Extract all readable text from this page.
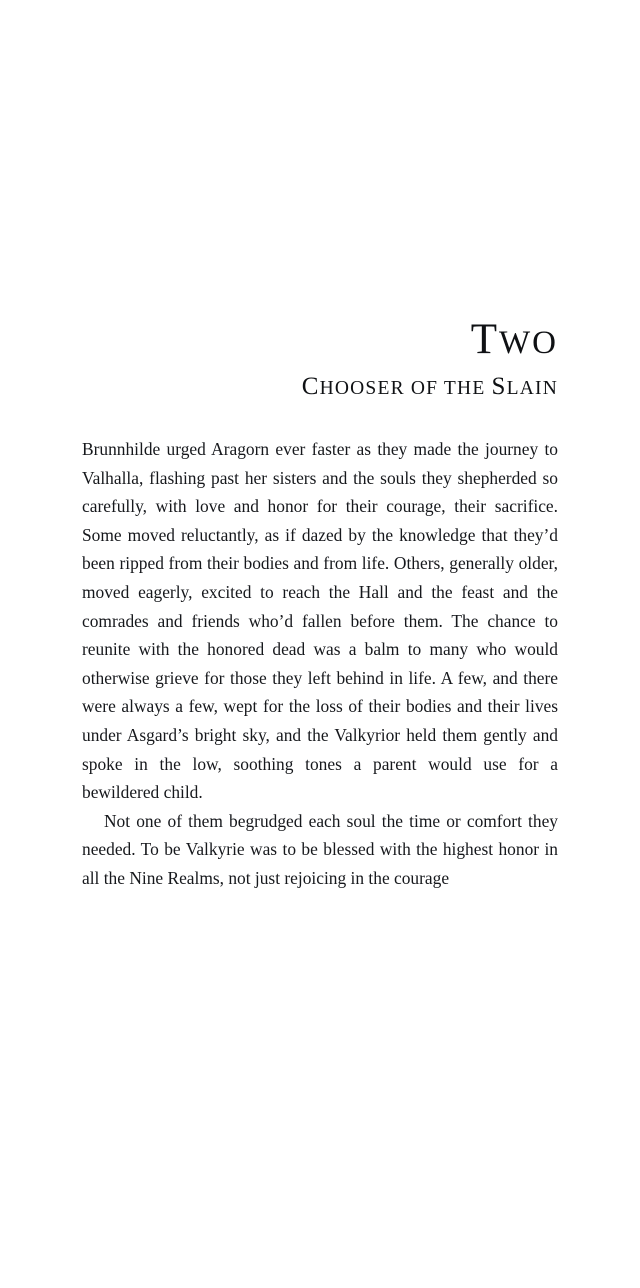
TWO
CHOOSER OF THE SLAIN

Brunnhilde urged Aragorn ever faster as they made the journey to Valhalla, flashing past her sisters and the souls they shepherded so carefully, with love and honor for their courage, their sacrifice. Some moved reluctantly, as if dazed by the knowledge that they’d been ripped from their bodies and from life. Others, generally older, moved eagerly, excited to reach the Hall and the feast and the comrades and friends who’d fallen before them. The chance to reunite with the honored dead was a balm to many who would otherwise grieve for those they left behind in life. A few, and there were always a few, wept for the loss of their bodies and their lives under Asgard’s bright sky, and the Valkyrior held them gently and spoke in the low, soothing tones a parent would use for a bewildered child.

Not one of them begrudged each soul the time or comfort they needed. To be Valkyrie was to be blessed with the highest honor in all the Nine Realms, not just rejoicing in the courage
